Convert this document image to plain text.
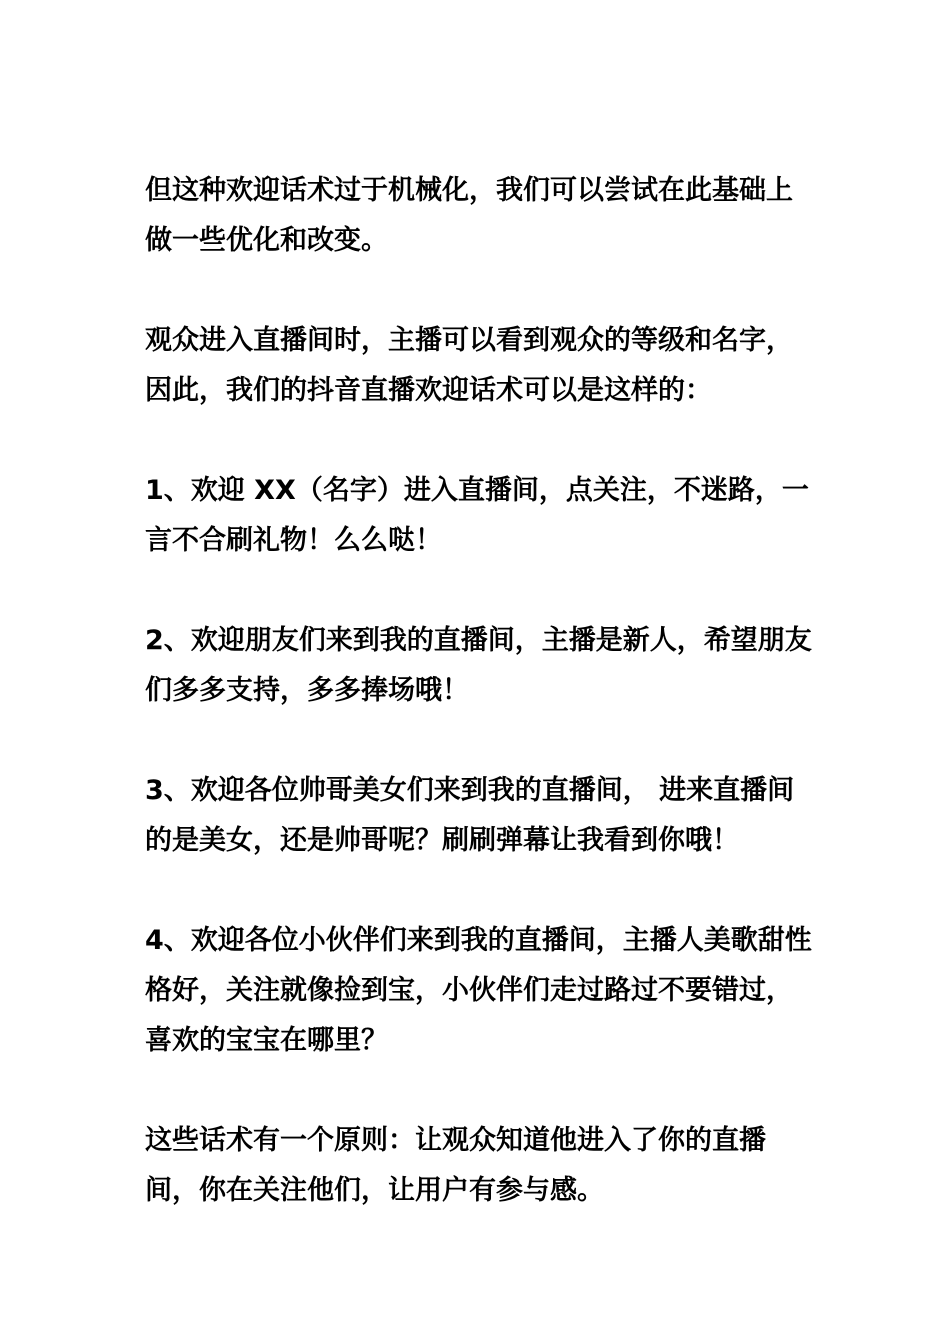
但这种欢迎话术过于机械化，我们可以尝试在此基础上做一些优化和改变。

观众进入直播间时，主播可以看到观众的等级和名字，因此，我们的抖音直播欢迎话术可以是这样的：

1、欢迎 XX（名字）进入直播间，点关注，不迷路，一言不合刷礼物！么么哒！

2、欢迎朋友们来到我的直播间，主播是新人，希望朋友们多多支持，多多捧场哦！

3、欢迎各位帅哥美女们来到我的直播间， 进来直播间的是美女，还是帅哥呢？刷刷弹幕让我看到你哦！

4、欢迎各位小伙伴们来到我的直播间，主播人美歌甜性格好，关注就像捡到宝，小伙伴们走过路过不要错过，喜欢的宝宝在哪里？

这些话术有一个原则：让观众知道他进入了你的直播间，你在关注他们，让用户有参与感。
